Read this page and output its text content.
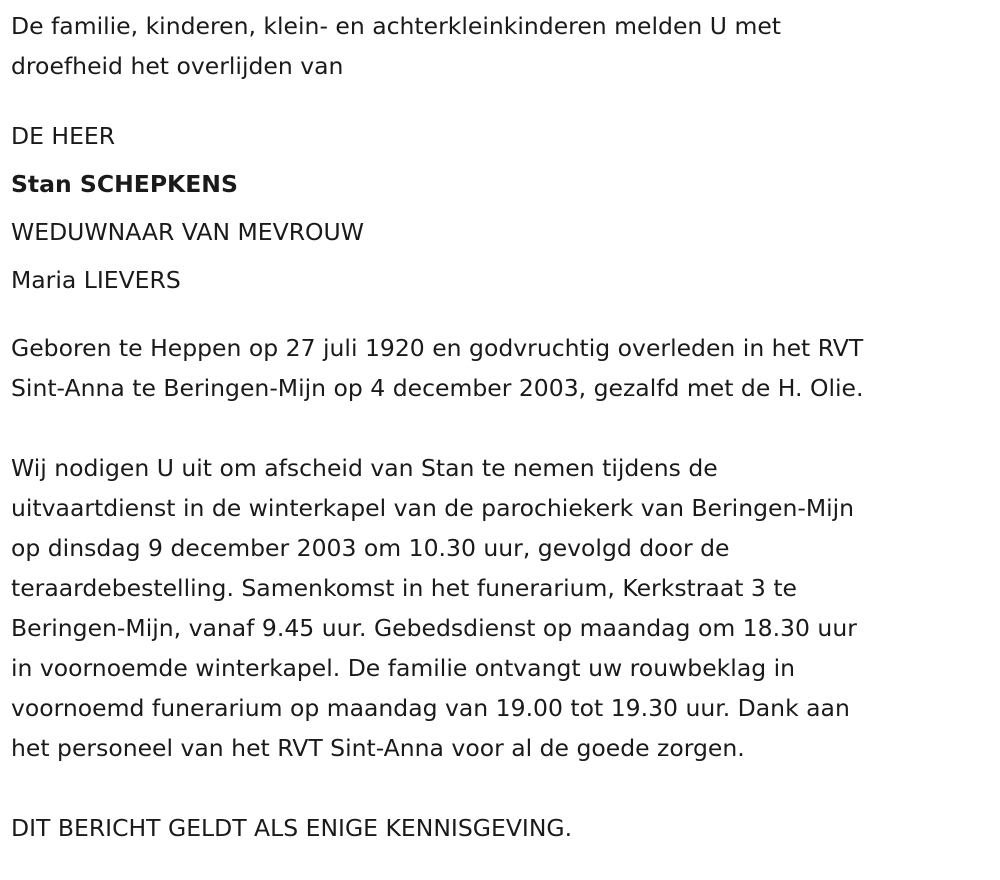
De familie, kinderen, klein- en achterkleinkinderen melden U met
droefheid het overlijden van
DE HEER
Stan SCHEPKENS
WEDUWNAAR VAN MEVROUW
Maria LIEVERS
Geboren te Heppen op 27 juli 1920 en godvruchtig overleden in het RVT
Sint-Anna te Beringen-Mijn op 4 december 2003, gezalfd met de H. Olie.
Wij nodigen U uit om afscheid van Stan te nemen tijdens de
uitvaartdienst in de winterkapel van de parochiekerk van Beringen-Mijn
op dinsdag 9 december 2003 om 10.30 uur, gevolgd door de
teraardebestelling. Samenkomst in het funerarium, Kerkstraat 3 te
Beringen-Mijn, vanaf 9.45 uur. Gebedsdienst op maandag om 18.30 uur
in voornoemde winterkapel. De familie ontvangt uw rouwbeklag in
voornoemd funerarium op maandag van 19.00 tot 19.30 uur. Dank aan
het personeel van het RVT Sint-Anna voor al de goede zorgen.
DIT BERICHT GELDT ALS ENIGE KENNISGEVING.
